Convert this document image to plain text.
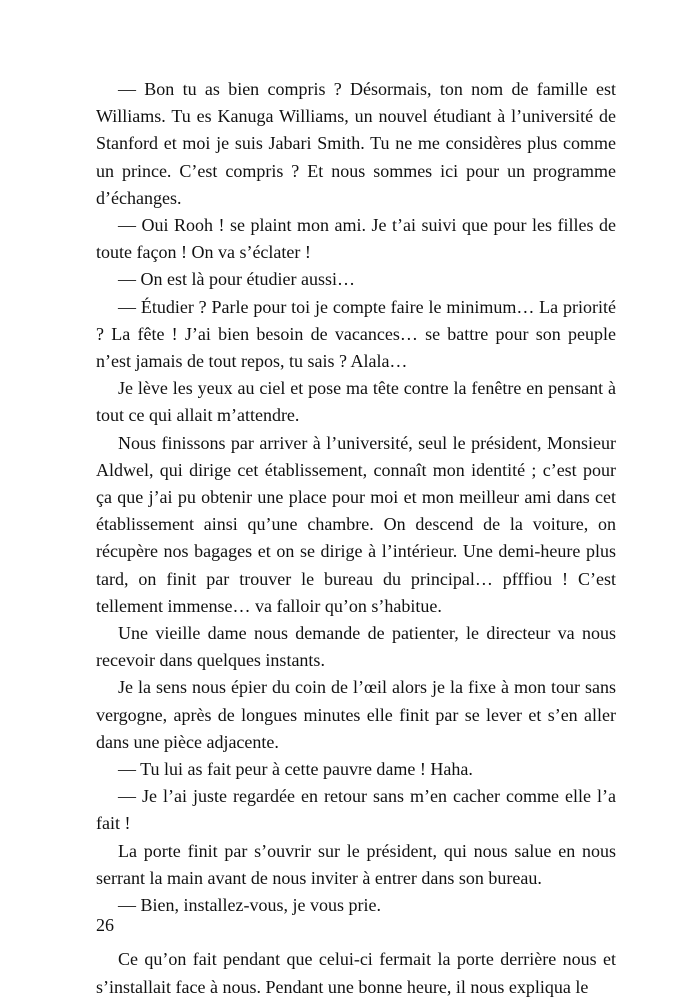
— Bon tu as bien compris ? Désormais, ton nom de famille est Williams. Tu es Kanuga Williams, un nouvel étudiant à l’université de Stanford et moi je suis Jabari Smith. Tu ne me considères plus comme un prince. C’est compris ? Et nous sommes ici pour un programme d’échanges.

— Oui Rooh ! se plaint mon ami. Je t’ai suivi que pour les filles de toute façon ! On va s’éclater !

— On est là pour étudier aussi…

— Étudier ? Parle pour toi je compte faire le minimum… La priorité ? La fête ! J’ai bien besoin de vacances… se battre pour son peuple n’est jamais de tout repos, tu sais ? Alala…

Je lève les yeux au ciel et pose ma tête contre la fenêtre en pensant à tout ce qui allait m’attendre.

Nous finissons par arriver à l’université, seul le président, Monsieur Aldwel, qui dirige cet établissement, connaît mon identité ; c’est pour ça que j’ai pu obtenir une place pour moi et mon meilleur ami dans cet établissement ainsi qu’une chambre. On descend de la voiture, on récupère nos bagages et on se dirige à l’intérieur. Une demi-heure plus tard, on finit par trouver le bureau du principal… pfffiou ! C’est tellement immense… va falloir qu’on s’habitue.

Une vieille dame nous demande de patienter, le directeur va nous recevoir dans quelques instants.

Je la sens nous épier du coin de l’œil alors je la fixe à mon tour sans vergogne, après de longues minutes elle finit par se lever et s’en aller dans une pièce adjacente.

— Tu lui as fait peur à cette pauvre dame ! Haha.

— Je l’ai juste regardée en retour sans m’en cacher comme elle l’a fait !

La porte finit par s’ouvrir sur le président, qui nous salue en nous serrant la main avant de nous inviter à entrer dans son bureau.

— Bien, installez-vous, je vous prie.

Ce qu’on fait pendant que celui-ci fermait la porte derrière nous et s’installait face à nous. Pendant une bonne heure, il nous expliqua le

26
